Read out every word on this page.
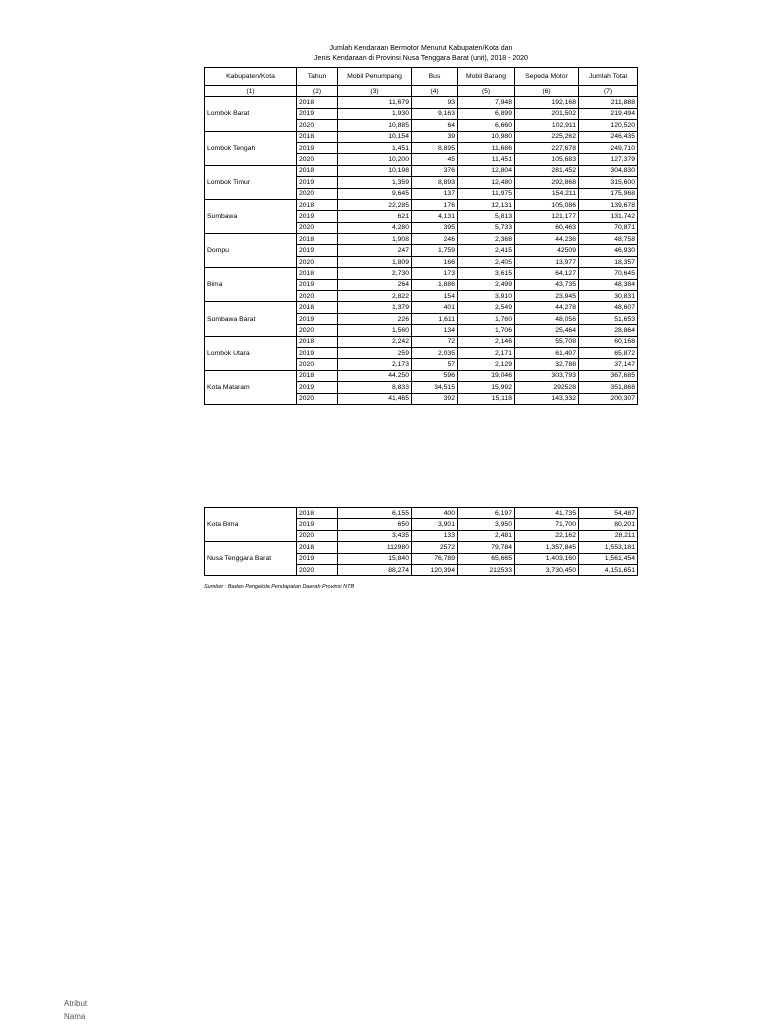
Jumlah Kendaraan Bermotor Menurut Kabupaten/Kota dan
Jenis Kendaraan di Provinsi Nusa Tenggara Barat (unit), 2018 - 2020
Kabupaten/Kota	Tahun	Mobil Penumpang	Bus	Mobil Barang	Sepeda Motor	Jumlah Total
(1)	(2)	(3)	(4)	(5)	(6)	(7)
Lombok Barat	2018	11,679	93	7,948	192,168	211,888
	2019	1,930	9,163	6,899	201,502	219,494
	2020	10,885	64	6,660	102,911	120,520
Lombok Tengah	2018	10,154	39	10,980	225,262	246,435
	2019	1,451	8,895	11,686	227,678	249,710
	2020	10,200	45	11,451	105,683	127,379
Lombok Timur	2018	10,198	376	12,804	281,452	304,830
	2019	1,359	8,893	12,480	292,868	315,600
	2020	9,645	137	11,975	154,211	175,968
Sumbawa	2018	22,285	176	12,131	105,086	139,678
	2019	621	4,131	5,813	121,177	131,742
	2020	4,280	395	5,733	60,463	70,871
Dompu	2018	1,908	246	2,368	44,236	48,758
	2019	247	1,759	2,415	42509	46,930
	2020	1,809	166	2,405	13,977	18,357
Bima	2018	2,730	173	3,615	64,127	70,645
	2019	264	1,886	2,499	43,735	48,384
	2020	2,822	154	3,910	23,945	30,831
Sumbawa Barat	2018	1,379	401	2,549	44,278	48,607
	2019	226	1,611	1,760	48,056	51,653
	2020	1,560	134	1,706	25,464	28,864
Lombok Utara	2018	2,242	72	2,146	55,708	60,168
	2019	259	2,035	2,171	61,407	65,872
	2020	2,173	57	2,129	32,788	37,147
Kota Mataram	2018	44,250	596	19,046	303,793	367,685
	2019	8,833	34,515	15,992	292528	351,868
	2020	41,465	392	15,118	143,332	200,307
Kota Bima	2018	6,155	400	6,197	41,735	54,487
	2019	650	3,901	3,950	71,700	80,201
	2020	3,435	133	2,481	22,162	28,211
Nusa Tenggara Barat	2018	112980	2572	79,784	1,357,845	1,553,181
	2019	15,840	76,789	65,665	1,403,160	1,561,454
	2020	88,274	120,394	212533	3,730,450	4,151,651
Sumber : Badan Pengelola Pendapatan Daerah Provinsi NTB
Atribut
Nama
